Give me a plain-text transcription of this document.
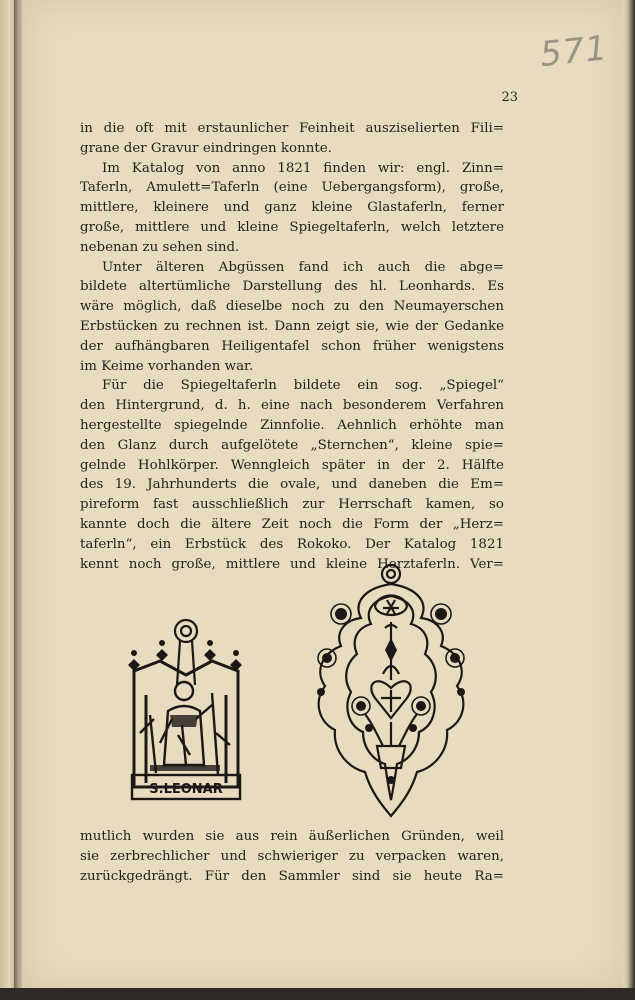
571
23

in die oft mit erstaunlicher Feinheit ausziselierten Fili=
grane der Gravur eindringen konnte.

Im Katalog von anno 1821 finden wir: engl. Zinn=
Taferln, Amulett=Taferln (eine Uebergangsform), große,
mittlere, kleinere und ganz kleine Glastaferln, ferner
große, mittlere und kleine Spiegeltaferln, welch letztere
nebenan zu sehen sind.

Unter älteren Abgüssen fand ich auch die abge=
bildete altertümliche Darstellung des hl. Leonhards. Es
wäre möglich, daß dieselbe noch zu den Neumayerschen
Erbstücken zu rechnen ist. Dann zeigt sie, wie der Gedanke
der aufhängbaren Heiligentafel schon früher wenigstens
im Keime vorhanden war.

Für die Spiegeltaferln bildete ein sog. „Spiegel“
den Hintergrund, d. h. eine nach besonderem Verfahren
hergestellte spiegelnde Zinnfolie. Aehnlich erhöhte man
den Glanz durch aufgelötete „Sternchen“, kleine spie=
gelnde Hohlkörper. Wenngleich später in der 2. Hälfte
des 19. Jahrhunderts die ovale, und daneben die Em=
pireform fast ausschließlich zur Herrschaft kamen, so
kannte doch die ältere Zeit noch die Form der „Herz=
taferln“, ein Erbstück des Rokoko. Der Katalog 1821
kennt noch große, mittlere und kleine Herztaferln. Ver=

S.LEONAR

mutlich wurden sie aus rein äußerlichen Gründen, weil
sie zerbrechlicher und schwieriger zu verpacken waren,
zurückgedrängt. Für den Sammler sind sie heute Ra=
